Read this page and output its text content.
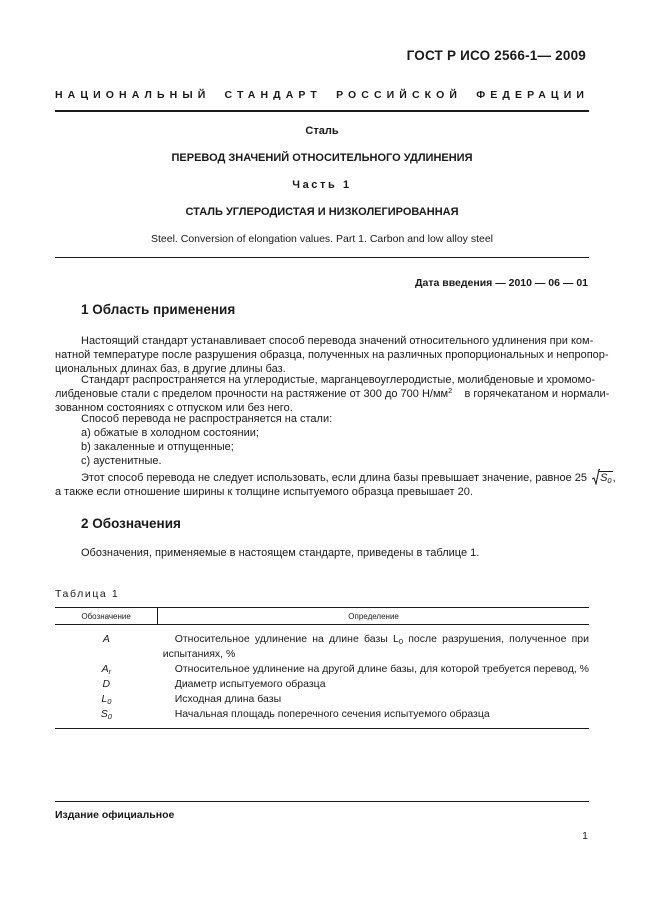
ГОСТ Р ИСО 2566-1— 2009
НАЦИОНАЛЬНЫЙ СТАНДАРТ РОССИЙСКОЙ ФЕДЕРАЦИИ
Сталь
ПЕРЕВОД ЗНАЧЕНИЙ ОТНОСИТЕЛЬНОГО УДЛИНЕНИЯ
Часть 1
СТАЛЬ УГЛЕРОДИСТАЯ И НИЗКОЛЕГИРОВАННАЯ
Steel. Conversion of elongation values. Part 1. Carbon and low alloy steel
Дата введения — 2010 — 06 — 01
1 Область применения
Настоящий стандарт устанавливает способ перевода значений относительного удлинения при ком-
натной температуре после разрушения образца, полученных на различных пропорциональных и непропор-
циональных длинах баз, в другие длины баз.
Стандарт распространяется на углеродистые, марганцевоуглеродистые, молибденовые и хромомо-
либденовые стали с пределом прочности на растяжение от 300 до 700 $Н/мм^2$ в горячекатаном и нормали-
зованном состояниях с отпуском или без него.
Способ перевода не распространяется на стали:
а) обжатые в холодном состоянии;
b) закаленные и отпущенные;
с) аустенитные.
Этот способ перевода не следует использовать, если длина базы превышает значение, равное 25 $S_0$,
а также если отношение ширины к толщине испытуемого образца превышает 20.
2 Обозначения
Обозначения, применяемые в настоящем стандарте, приведены в таблице 1.
Таблица 1
Обозначение	Определение
A	Относительное удлинение на длине базы $L_0$ после разрушения, полученное при
испытаниях, %

$A_r$	Относительное удлинение на другой длине базы, для которой требуется перевод, %

D	Диаметр испытуемого образца

$L_0$	Исходная длина базы

$S_0$	Начальная площадь поперечного сечения испытуемого образца
Издание официальное
1
